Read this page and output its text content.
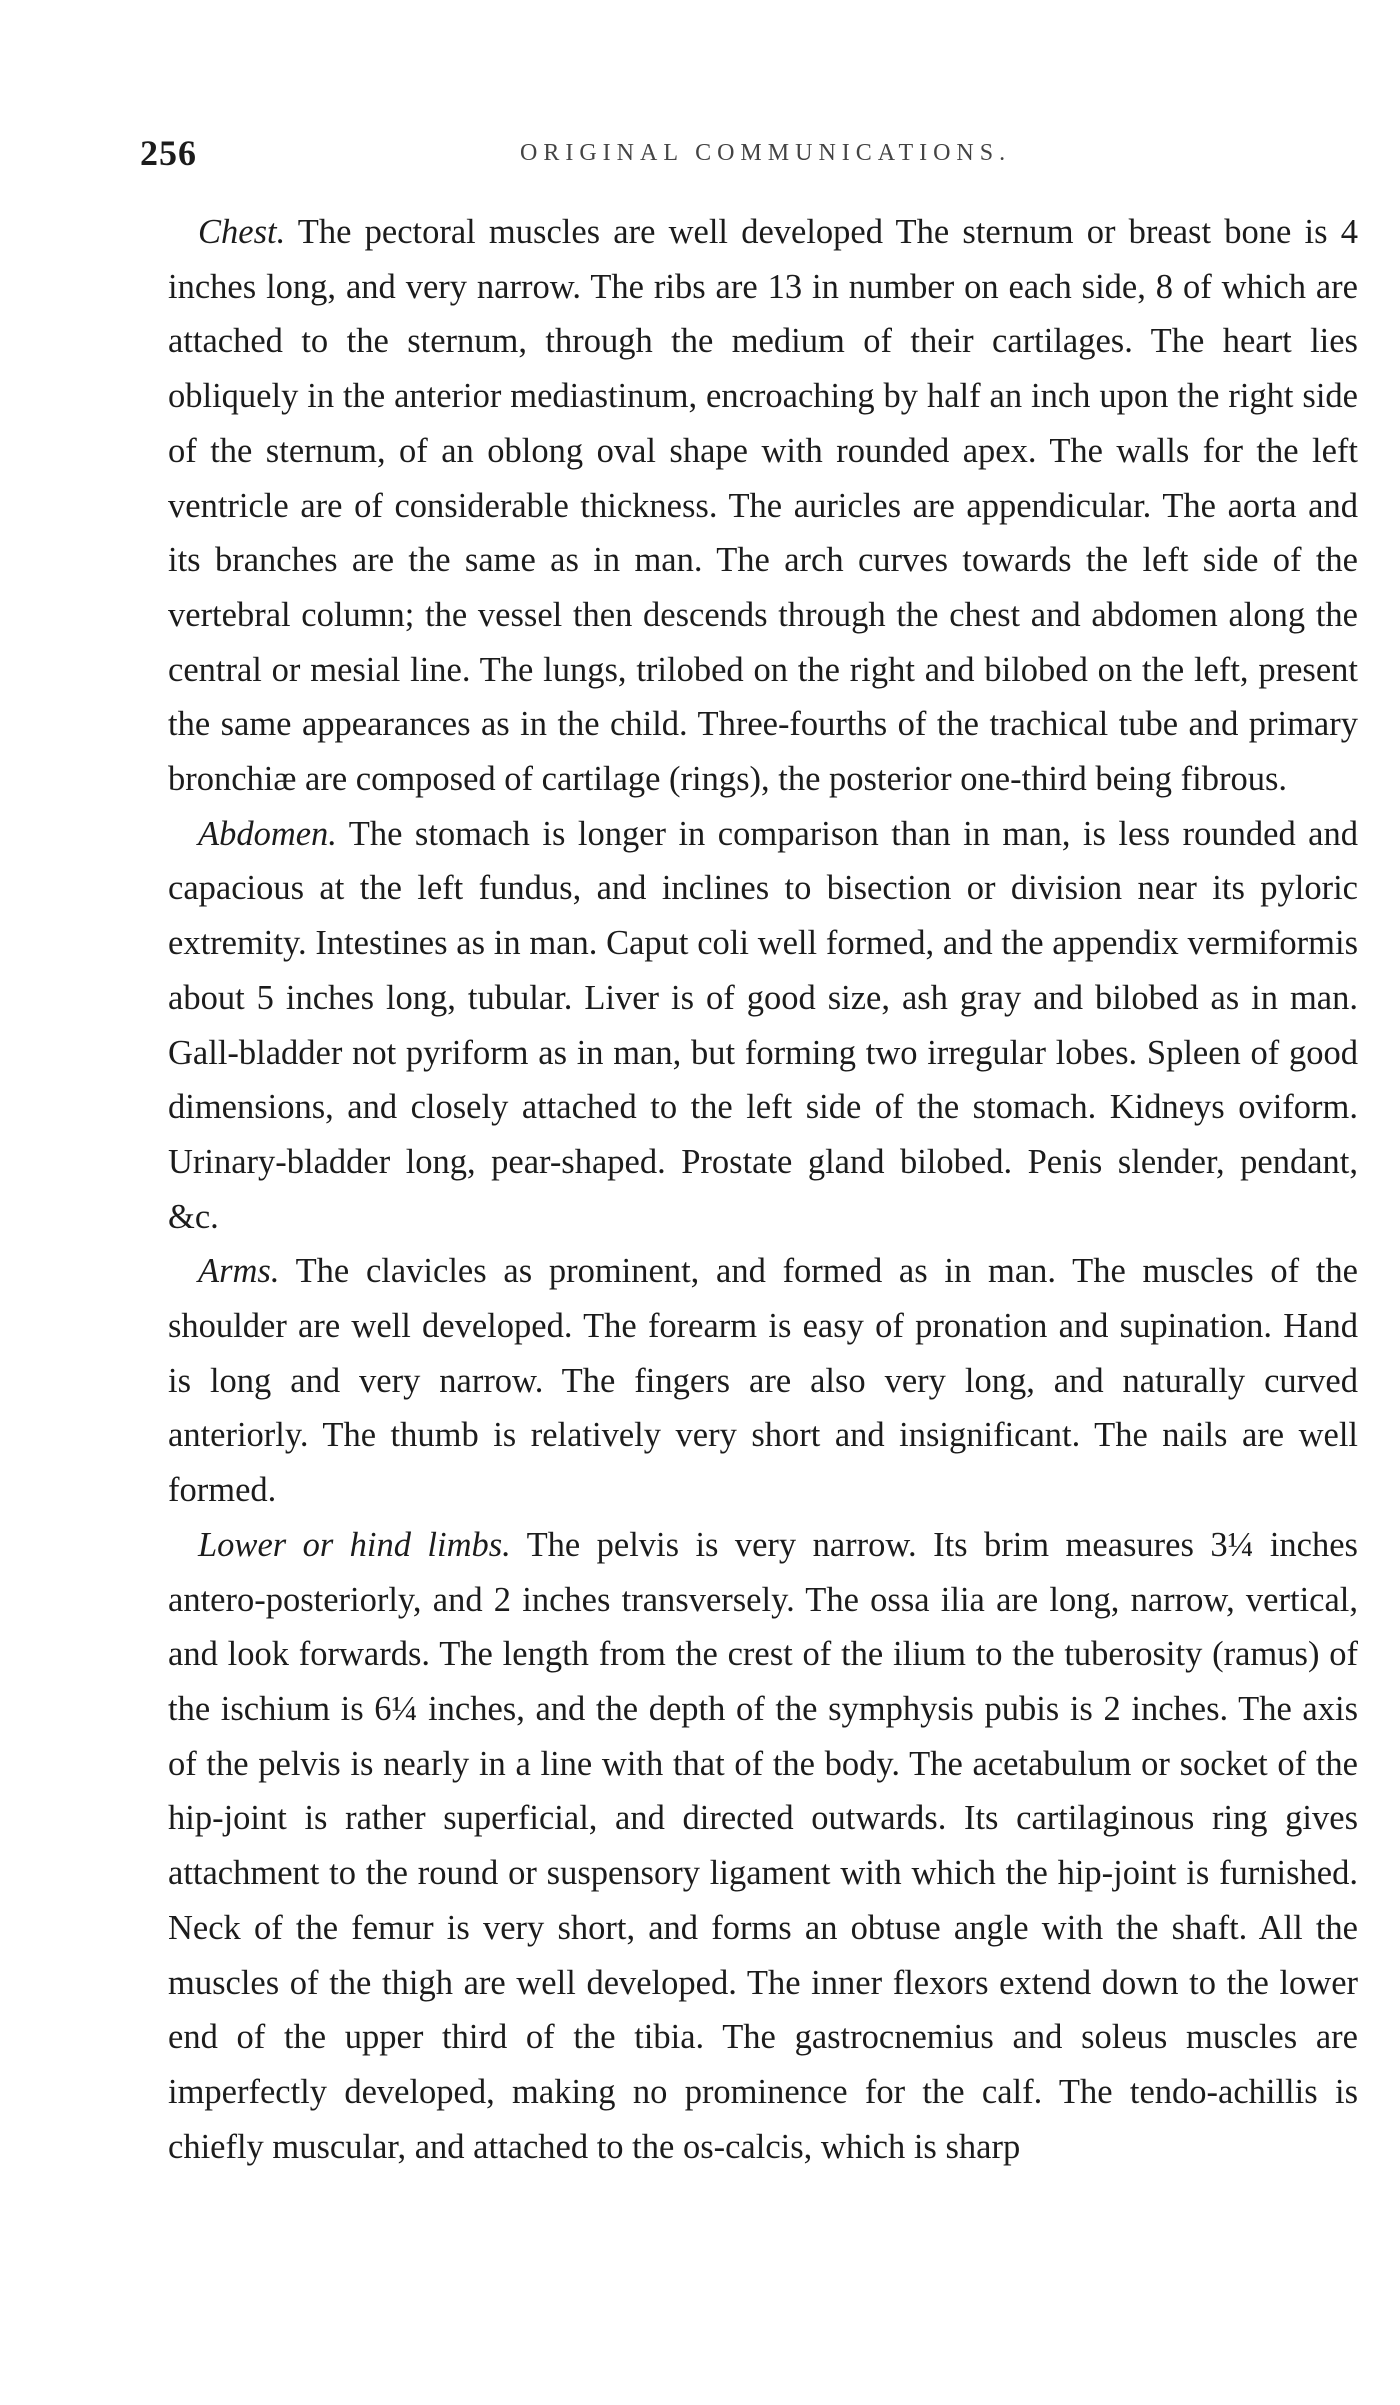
256	ORIGINAL COMMUNICATIONS.

Chest. The pectoral muscles are well developed The sternum or breast bone is 4 inches long, and very narrow. The ribs are 13 in number on each side, 8 of which are attached to the sternum, through the medium of their cartilages. The heart lies obliquely in the anterior mediastinum, encroaching by half an inch upon the right side of the sternum, of an oblong oval shape with rounded apex. The walls for the left ventricle are of considerable thickness. The auricles are appendicular. The aorta and its branches are the same as in man. The arch curves towards the left side of the vertebral column; the vessel then descends through the chest and abdomen along the central or mesial line. The lungs, trilobed on the right and bilobed on the left, present the same appearances as in the child. Three-fourths of the trachical tube and primary bronchiæ are composed of cartilage (rings), the posterior one-third being fibrous.

Abdomen. The stomach is longer in comparison than in man, is less rounded and capacious at the left fundus, and inclines to bisection or division near its pyloric extremity. Intestines as in man. Caput coli well formed, and the appendix vermiformis about 5 inches long, tubular. Liver is of good size, ash gray and bilobed as in man. Gall-bladder not pyriform as in man, but forming two irregular lobes. Spleen of good dimensions, and closely attached to the left side of the stomach. Kidneys oviform. Urinary-bladder long, pear-shaped. Prostate gland bilobed. Penis slender, pendant, &c.

Arms. The clavicles as prominent, and formed as in man. The muscles of the shoulder are well developed. The forearm is easy of pronation and supination. Hand is long and very narrow. The fingers are also very long, and naturally curved anteriorly. The thumb is relatively very short and insignificant. The nails are well formed.

Lower or hind limbs. The pelvis is very narrow. Its brim measures 3¼ inches antero-posteriorly, and 2 inches transversely. The ossa ilia are long, narrow, vertical, and look forwards. The length from the crest of the ilium to the tuberosity (ramus) of the ischium is 6¼ inches, and the depth of the symphysis pubis is 2 inches. The axis of the pelvis is nearly in a line with that of the body. The acetabulum or socket of the hip-joint is rather superficial, and directed outwards. Its cartilaginous ring gives attachment to the round or suspensory ligament with which the hip-joint is furnished. Neck of the femur is very short, and forms an obtuse angle with the shaft. All the muscles of the thigh are well developed. The inner flexors extend down to the lower end of the upper third of the tibia. The gastrocnemius and soleus muscles are imperfectly developed, making no prominence for the calf. The tendo-achillis is chiefly muscular, and attached to the os-calcis, which is sharp
